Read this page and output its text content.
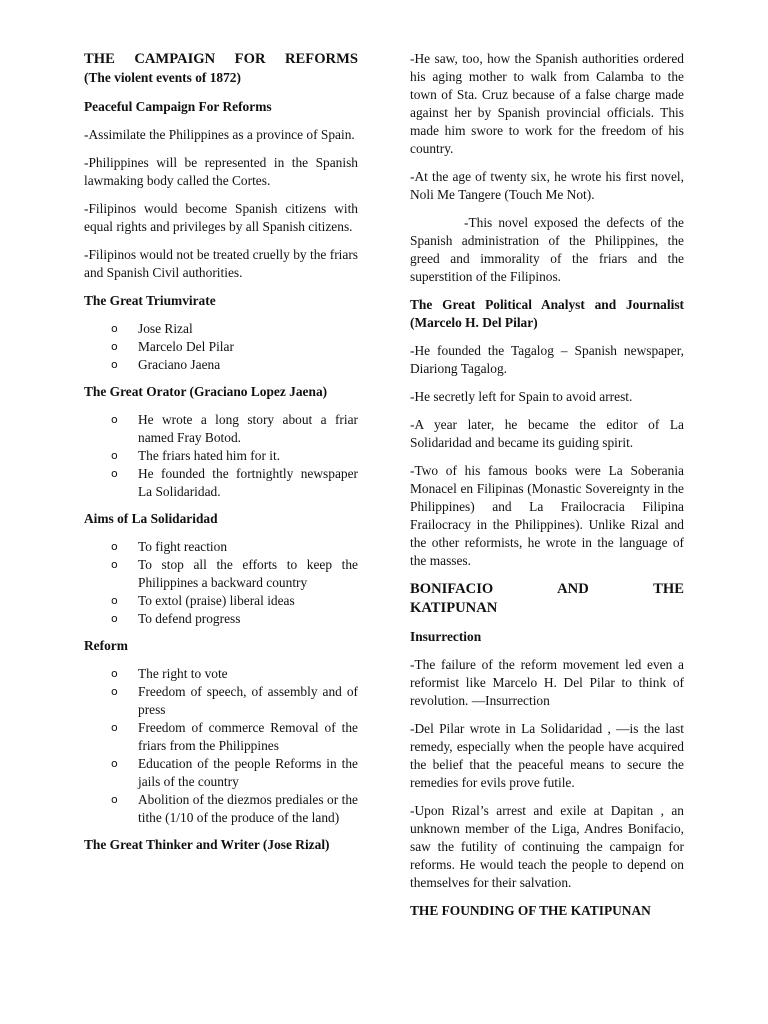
THE CAMPAIGN FOR REFORMS
(The violent events of 1872)
Peaceful Campaign For Reforms

-Assimilate the Philippines as a province of Spain.

-Philippines will be represented in the Spanish lawmaking body called the Cortes.

-Filipinos would become Spanish citizens with equal rights and privileges by all Spanish citizens.

-Filipinos would not be treated cruelly by the friars and Spanish Civil authorities.

The Great Triumvirate
o Jose Rizal
o Marcelo Del Pilar
o Graciano Jaena
The Great Orator (Graciano Lopez Jaena)
o He wrote a long story about a friar named Fray Botod.
o The friars hated him for it.
o He founded the fortnightly newspaper La Solidaridad.
Aims of La Solidaridad
o To fight reaction
o To stop all the efforts to keep the Philippines a backward country
o To extol (praise) liberal ideas
o To defend progress
Reform
o The right to vote
o Freedom of speech, of assembly and of press
o Freedom of commerce Removal of the friars from the Philippines
o Education of the people Reforms in the jails of the country
o Abolition of the diezmos prediales or the tithe (1/10 of the produce of the land)
The Great Thinker and Writer (Jose Rizal)

-He saw, too, how the Spanish authorities ordered his aging mother to walk from Calamba to the town of Sta. Cruz because of a false charge made against her by Spanish provincial officials. This made him swore to work for the freedom of his country.

-At the age of twenty six, he wrote his first novel, Noli Me Tangere (Touch Me Not).

-This novel exposed the defects of the Spanish administration of the Philippines, the greed and immorality of the friars and the superstition of the Filipinos.

The Great Political Analyst and Journalist (Marcelo H. Del Pilar)

-He founded the Tagalog – Spanish newspaper, Diariong Tagalog.

-He secretly left for Spain to avoid arrest.

-A year later, he became the editor of La Solidaridad and became its guiding spirit.

-Two of his famous books were La Soberania Monacel en Filipinas (Monastic Sovereignty in the Philippines) and La Frailocracia Filipina Frailocracy in the Philippines). Unlike Rizal and the other reformists, he wrote in the language of the masses.

BONIFACIO AND THE
KATIPUNAN
Insurrection

-The failure of the reform movement led even a reformist like Marcelo H. Del Pilar to think of revolution. —Insurrection

-Del Pilar wrote in La Solidaridad , —is the last remedy, especially when the people have acquired the belief that the peaceful means to secure the remedies for evils prove futile.

-Upon Rizal’s arrest and exile at Dapitan , an unknown member of the Liga, Andres Bonifacio, saw the futility of continuing the campaign for reforms. He would teach the people to depend on themselves for their salvation.

THE FOUNDING OF THE KATIPUNAN
